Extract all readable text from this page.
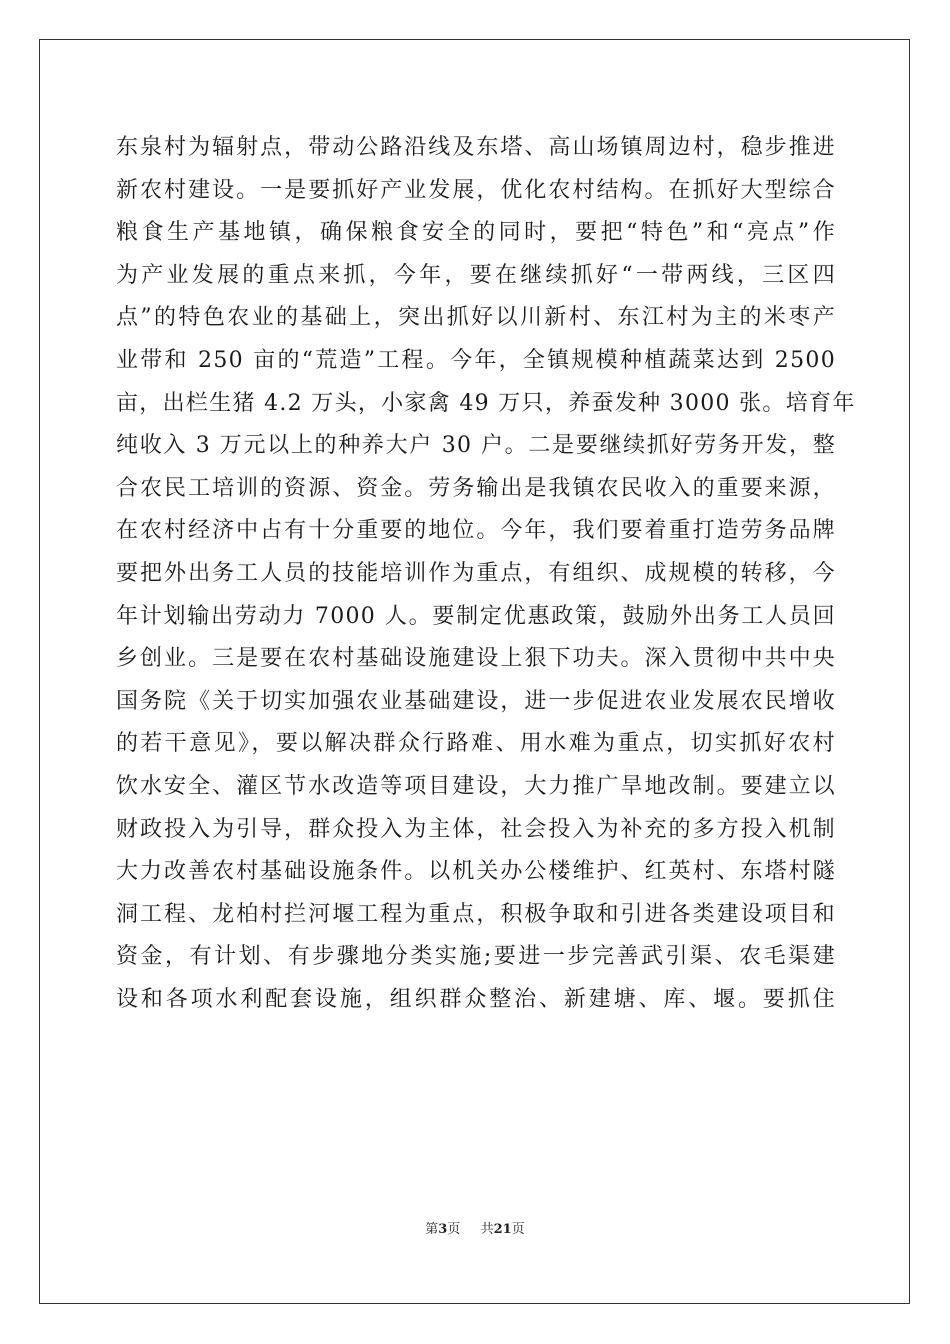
东泉村为辐射点，带动公路沿线及东塔、高山场镇周边村，稳步推进
新农村建设。一是要抓好产业发展，优化农村结构。在抓好大型综合
粮食生产基地镇，确保粮食安全的同时，要把“特色”和“亮点”作
为产业发展的重点来抓，今年，要在继续抓好“一带两线，三区四
点”的特色农业的基础上，突出抓好以川新村、东江村为主的米枣产
业带和 250 亩的“荒造”工程。今年，全镇规模种植蔬菜达到 2500
亩，出栏生猪 4.2 万头，小家禽 49 万只，养蚕发种 3000 张。培育年
纯收入 3 万元以上的种养大户 30 户。二是要继续抓好劳务开发，整
合农民工培训的资源、资金。劳务输出是我镇农民收入的重要来源，
在农村经济中占有十分重要的地位。今年，我们要着重打造劳务品牌
要把外出务工人员的技能培训作为重点，有组织、成规模的转移，今
年计划输出劳动力 7000 人。要制定优惠政策，鼓励外出务工人员回
乡创业。三是要在农村基础设施建设上狠下功夫。深入贯彻中共中央
国务院《关于切实加强农业基础建设，进一步促进农业发展农民增收
的若干意见》，要以解决群众行路难、用水难为重点，切实抓好农村
饮水安全、灌区节水改造等项目建设，大力推广旱地改制。要建立以
财政投入为引导，群众投入为主体，社会投入为补充的多方投入机制
大力改善农村基础设施条件。以机关办公楼维护、红英村、东塔村隧
洞工程、龙柏村拦河堰工程为重点，积极争取和引进各类建设项目和
资金，有计划、有步骤地分类实施;要进一步完善武引渠、农毛渠建
设和各项水利配套设施，组织群众整治、新建塘、库、堰。要抓住
第3页 共21页
